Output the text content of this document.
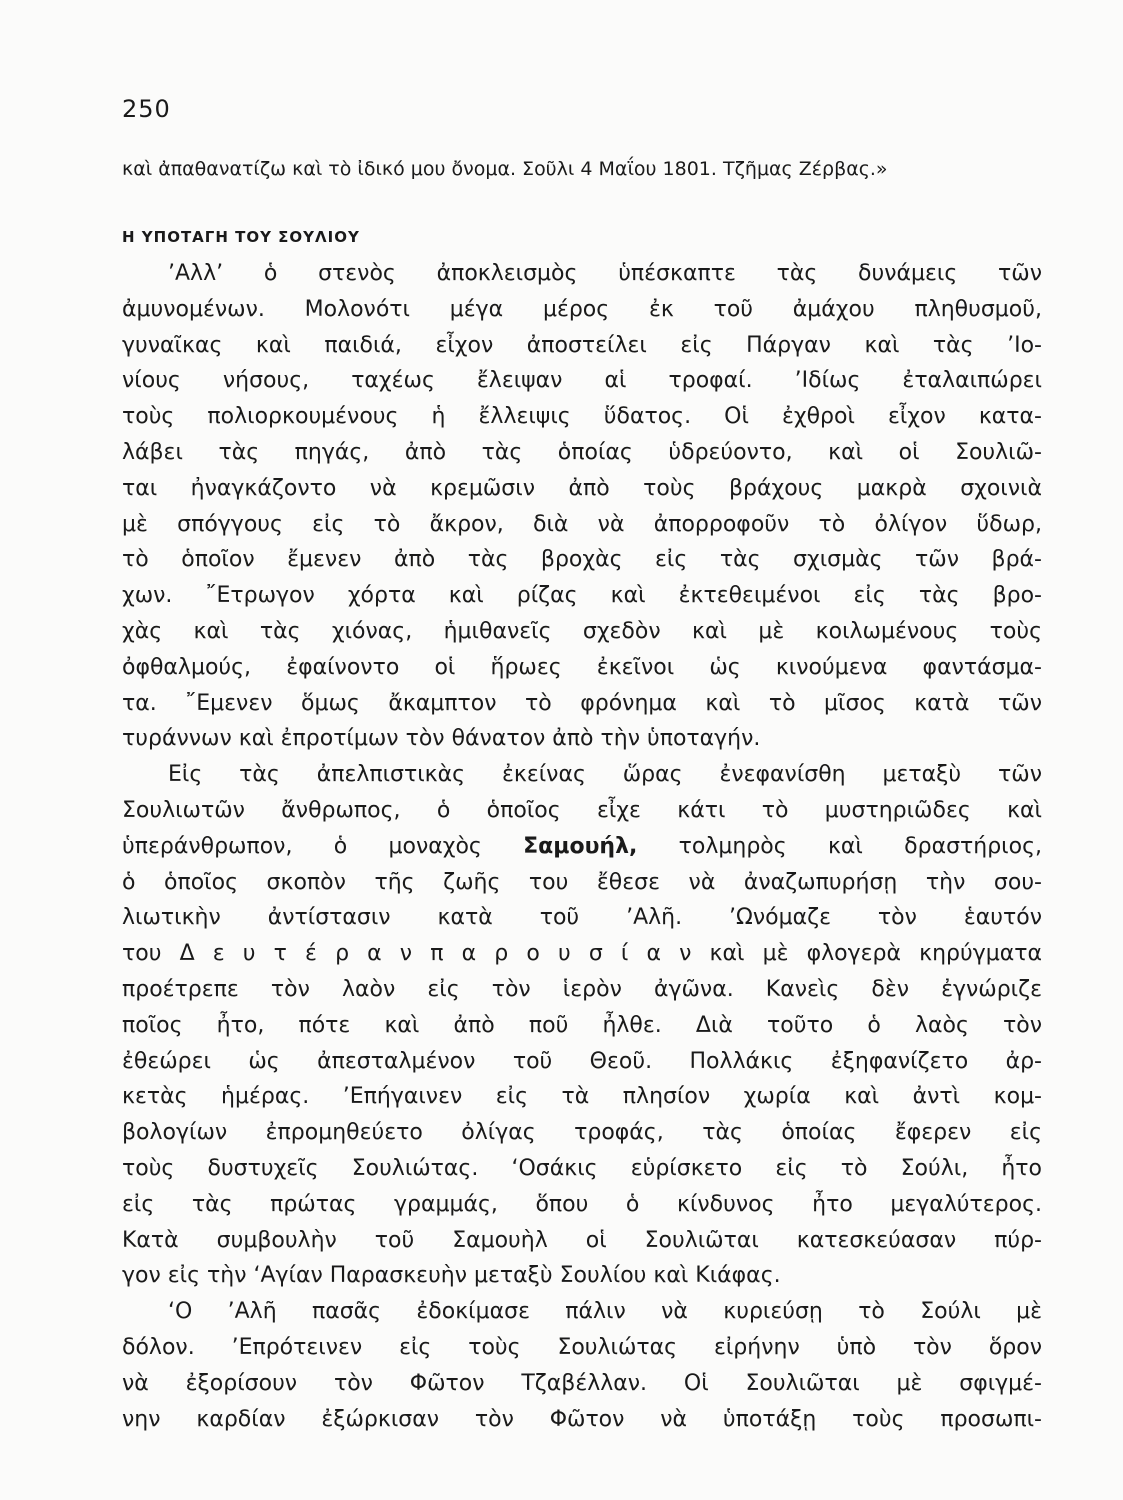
250
καὶ ἀπαθανατίζω καὶ τὸ ἰδικό μου ὄνομα. Σοῦλι 4 Μαΐου 1801. Τζῆμας Ζέρβας.»
Η ΥΠΟΤΑΓΗ ΤΟΥ ΣΟΥΛΙΟΥ
’Αλλ’ ὁ στενὸς ἀποκλεισμὸς ὑπέσκαπτε τὰς δυνάμεις τῶν
ἀμυνομένων. Μολονότι μέγα μέρος ἐκ τοῦ ἀμάχου πληθυσμοῦ,
γυναῖκας καὶ παιδιά, εἶχον ἀποστείλει εἰς Πάργαν καὶ τὰς ’Ιο-
νίους νήσους, ταχέως ἔλειψαν αἱ τροφαί. ’Ιδίως ἐταλαιπώρει
τοὺς πολιορκουμένους ἡ ἔλλειψις ὕδατος. Οἱ ἐχθροὶ εἶχον κατα-
λάβει τὰς πηγάς, ἀπὸ τὰς ὁποίας ὑδρεύοντο, καὶ οἱ Σουλιῶ-
ται ἠναγκάζοντο νὰ κρεμῶσιν ἀπὸ τοὺς βράχους μακρὰ σχοινιὰ
μὲ σπόγγους εἰς τὸ ἄκρον, διὰ νὰ ἀπορροφοῦν τὸ ὀλίγον ὕδωρ,
τὸ ὁποῖον ἔμενεν ἀπὸ τὰς βροχὰς εἰς τὰς σχισμὰς τῶν βρά-
χων. ῎Ετρωγον χόρτα καὶ ρίζας καὶ ἐκτεθειμένοι εἰς τὰς βρο-
χὰς καὶ τὰς χιόνας, ἡμιθανεῖς σχεδὸν καὶ μὲ κοιλωμένους τοὺς
ὀφθαλμούς, ἐφαίνοντο οἱ ἥρωες ἐκεῖνοι ὡς κινούμενα φαντάσμα-
τα. ῎Εμενεν ὅμως ἄκαμπτον τὸ φρόνημα καὶ τὸ μῖσος κατὰ τῶν
τυράννων καὶ ἐπροτίμων τὸν θάνατον ἀπὸ τὴν ὑποταγήν.
Εἰς τὰς ἀπελπιστικὰς ἐκείνας ὥρας ἐνεφανίσθη μεταξὺ τῶν
Σουλιωτῶν ἄνθρωπος, ὁ ὁποῖος εἶχε κάτι τὸ μυστηριῶδες καὶ
ὑπεράνθρωπον, ὁ μοναχὸς Σαμουήλ, τολμηρὸς καὶ δραστήριος,
ὁ ὁποῖος σκοπὸν τῆς ζωῆς του ἔθεσε νὰ ἀναζωπυρήσῃ τὴν σου-
λιωτικὴν ἀντίστασιν κατὰ τοῦ ’Αλῆ. ’Ωνόμαζε τὸν ἑαυτόν
του Δ ε υ τ έ ρ α ν π α ρ ο υ σ ί α ν καὶ μὲ φλογερὰ κηρύγματα
προέτρεπε τὸν λαὸν εἰς τὸν ἱερὸν ἀγῶνα. Κανεὶς δὲν ἐγνώριζε
ποῖος ἦτο, πότε καὶ ἀπὸ ποῦ ἦλθε. Διὰ τοῦτο ὁ λαὸς τὸν
ἐθεώρει ὡς ἀπεσταλμένον τοῦ Θεοῦ. Πολλάκις ἐξηφανίζετο ἀρ-
κετὰς ἡμέρας. ’Επήγαινεν εἰς τὰ πλησίον χωρία καὶ ἀντὶ κομ-
βολογίων ἐπρομηθεύετο ὀλίγας τροφάς, τὰς ὁποίας ἔφερεν εἰς
τοὺς δυστυχεῖς Σουλιώτας. ‘Οσάκις εὑρίσκετο εἰς τὸ Σούλι, ἦτο
εἰς τὰς πρώτας γραμμάς, ὅπου ὁ κίνδυνος ἦτο μεγαλύτερος.
Κατὰ συμβουλὴν τοῦ Σαμουὴλ οἱ Σουλιῶται κατεσκεύασαν πύρ-
γον εἰς τὴν ‘Αγίαν Παρασκευὴν μεταξὺ Σουλίου καὶ Κιάφας.
‘Ο ’Αλῆ πασᾶς ἐδοκίμασε πάλιν νὰ κυριεύσῃ τὸ Σούλι μὲ
δόλον. ’Επρότεινεν εἰς τοὺς Σουλιώτας εἰρήνην ὑπὸ τὸν ὅρον
νὰ ἐξορίσουν τὸν Φῶτον Τζαβέλλαν. Οἱ Σουλιῶται μὲ σφιγμέ-
νην καρδίαν ἐξώρκισαν τὸν Φῶτον νὰ ὑποτάξῃ τοὺς προσωπι-
